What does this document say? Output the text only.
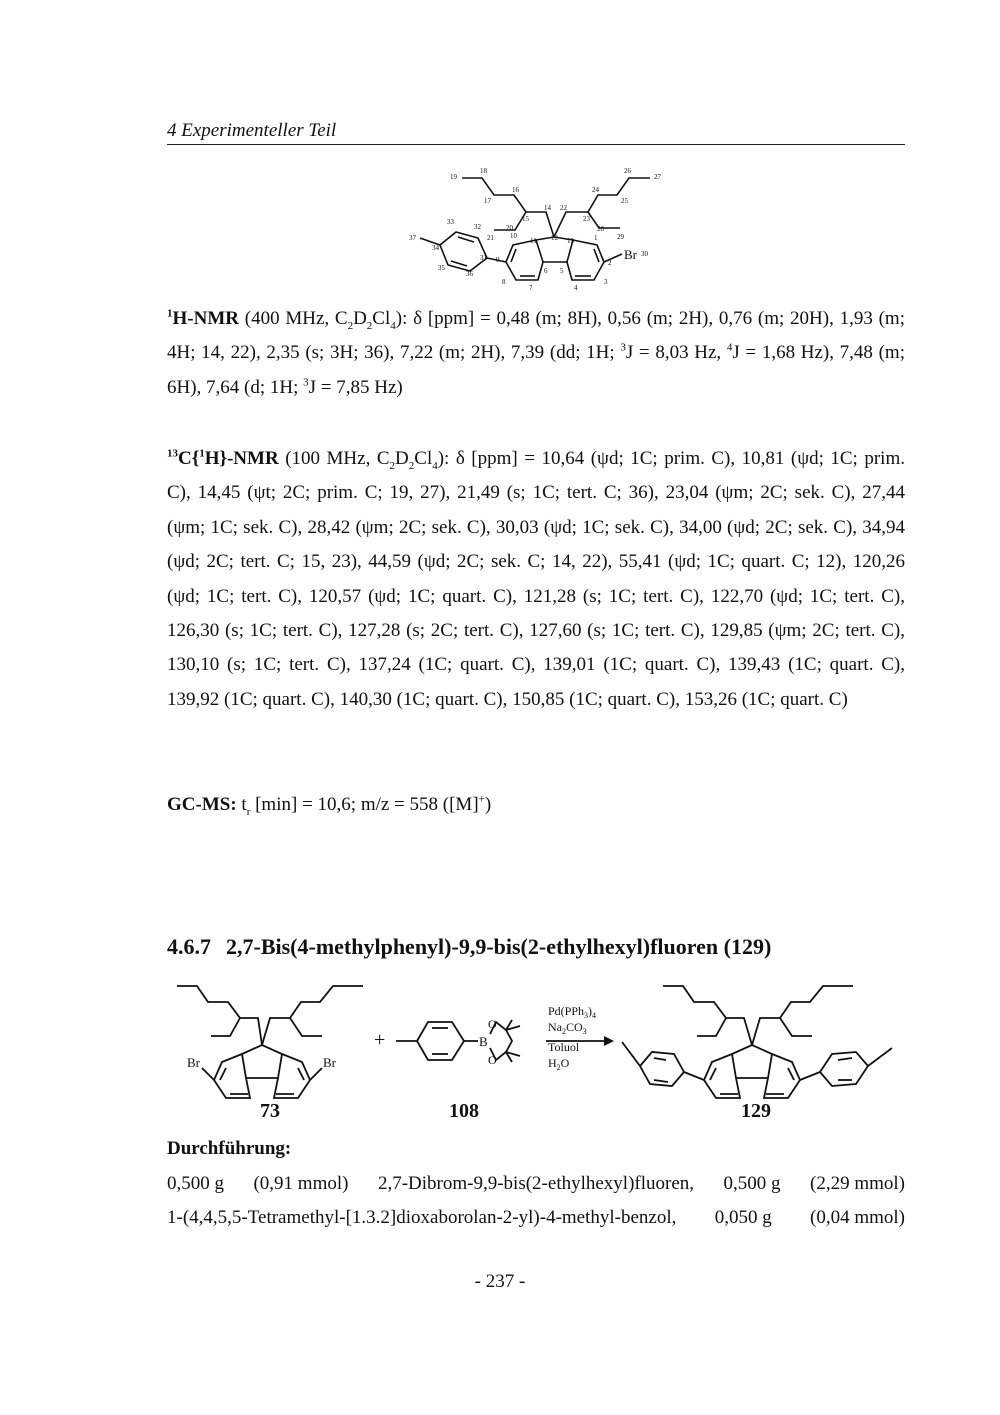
4 Experimenteller Teil
19
18
17
16
15
14 22
23
24
25
26
27
28
29
20
21 10
11 12 13	1
2
3
4
5
6
7
8
9
31
32
33
34
35
36
37
Br 30

$^1$H-NMR (400 MHz, $C_2D_2Cl_4$): δ [ppm] = 0,48 (m; 8H), 0,56 (m; 2H), 0,76 (m; 20H), 1,93 (m; 4H; 14, 22), 2,35 (s; 3H; 36), 7,22 (m; 2H), 7,39 (dd; 1H; $^3$J = 8,03 Hz, $^4$J = 1,68 Hz), 7,48 (m; 6H), 7,64 (d; 1H; $^3$J = 7,85 Hz)

$^{13}$C{$^1$H}-NMR (100 MHz, $C_2D_2Cl_4$): δ [ppm] = 10,64 (ψd; 1C; prim. C), 10,81 (ψd; 1C; prim. C), 14,45 (ψt; 2C; prim. C; 19, 27), 21,49 (s; 1C; tert. C; 36), 23,04 (ψm; 2C; sek. C), 27,44 (ψm; 1C; sek. C), 28,42 (ψm; 2C; sek. C), 30,03 (ψd; 1C; sek. C), 34,00 (ψd; 2C; sek. C), 34,94 (ψd; 2C; tert. C; 15, 23), 44,59 (ψd; 2C; sek. C; 14, 22), 55,41 (ψd; 1C; quart. C; 12), 120,26 (ψd; 1C; tert. C), 120,57 (ψd; 1C; quart. C), 121,28 (s; 1C; tert. C), 122,70 (ψd; 1C; tert. C), 126,30 (s; 1C; tert. C), 127,28 (s; 2C; tert. C), 127,60 (s; 1C; tert. C), 129,85 (ψm; 2C; tert. C), 130,10 (s; 1C; tert. C), 137,24 (1C; quart. C), 139,01 (1C; quart. C), 139,43 (1C; quart. C), 139,92 (1C; quart. C), 140,30 (1C; quart. C), 150,85 (1C; quart. C), 153,26 (1C; quart. C)

GC-MS: $t_r$ [min] = 10,6; m/z = 558 ([M]+)

4.6.7 2,7-Bis(4-methylphenyl)-9,9-bis(2-ethylhexyl)fluoren (129)
Br	Br
+	B
O
O
$Pd(PPh_3)_4$
$Na_2CO_3$
Toluol
$H_2O$
73	108	129
Durchführung:
0,500 g (0,91 mmol) 2,7-Dibrom-9,9-bis(2-ethylhexyl)fluoren, 0,500 g (2,29 mmol)
1-(4,4,5,5-Tetramethyl-[1.3.2]dioxaborolan-2-yl)-4-methyl-benzol, 0,050 g (0,04 mmol)
- 237 -
